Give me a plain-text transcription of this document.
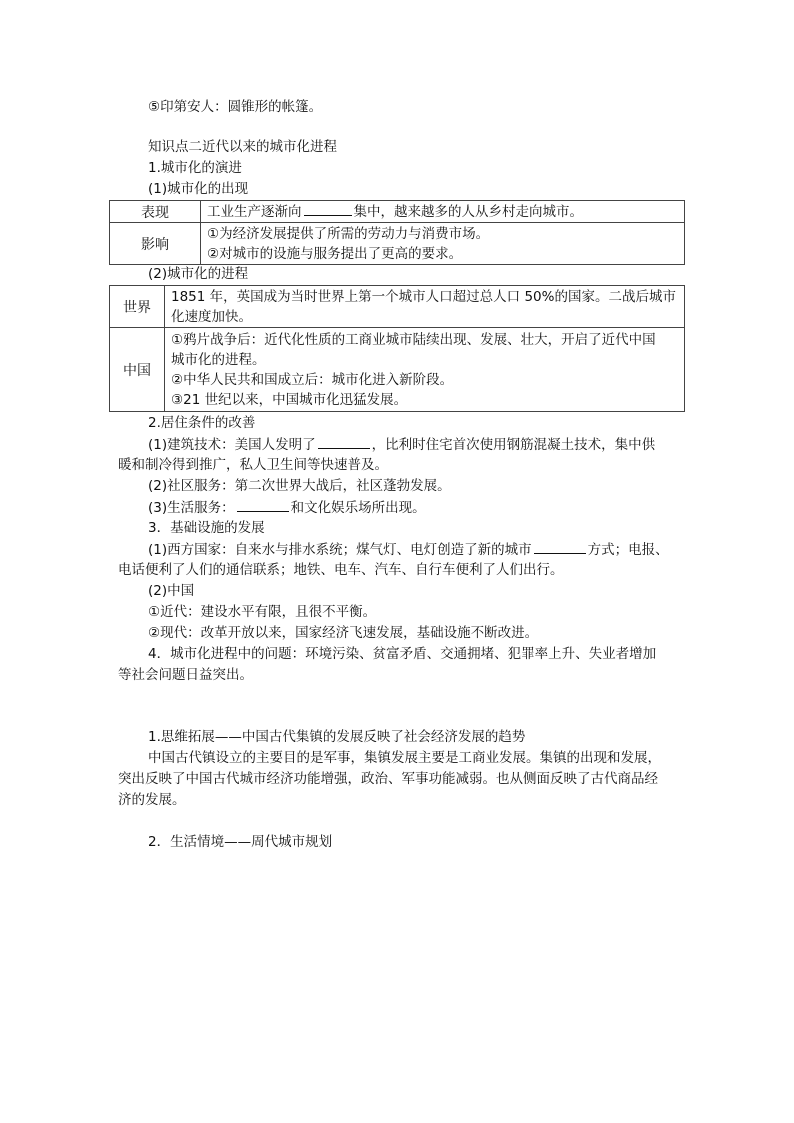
⑤印第安人：圆锥形的帐篷。
知识点二近代以来的城市化进程
1.城市化的演进
(1)城市化的出现
表现	工业生产逐渐向 集中，越来越多的人从乡村走向城市。

影响	①为经济发展提供了所需的劳动力与消费市场。
②对城市的设施与服务提出了更高的要求。
(2)城市化的进程
世界	1851 年，英国成为当时世界上第一个城市人口超过总人口 50%的国家。二战后城市
化速度加快。

中国	①鸦片战争后：近代化性质的工商业城市陆续出现、发展、壮大，开启了近代中国
城市化的进程。
②中华人民共和国成立后：城市化进入新阶段。
③21 世纪以来，中国城市化迅猛发展。
2.居住条件的改善
(1)建筑技术：美国人发明了	，比利时住宅首次使用钢筋混凝土技术，集中供
暖和制冷得到推广，私人卫生间等快速普及。
(2)社区服务：第二次世界大战后，社区蓬勃发展。
(3)生活服务：	和文化娱乐场所出现。
3．基础设施的发展
(1)西方国家：自来水与排水系统；煤气灯、电灯创造了新的城市	方式；电报、
电话便利了人们的通信联系；地铁、电车、汽车、自行车便利了人们出行。
(2)中国
①近代：建设水平有限，且很不平衡。
②现代：改革开放以来，国家经济飞速发展，基础设施不断改进。
4．城市化进程中的问题：环境污染、贫富矛盾、交通拥堵、犯罪率上升、失业者增加
等社会问题日益突出。
1.思维拓展——中国古代集镇的发展反映了社会经济发展的趋势
中国古代镇设立的主要目的是军事，集镇发展主要是工商业发展。集镇的出现和发展，
突出反映了中国古代城市经济功能增强，政治、军事功能减弱。也从侧面反映了古代商品经
济的发展。
2．生活情境——周代城市规划
